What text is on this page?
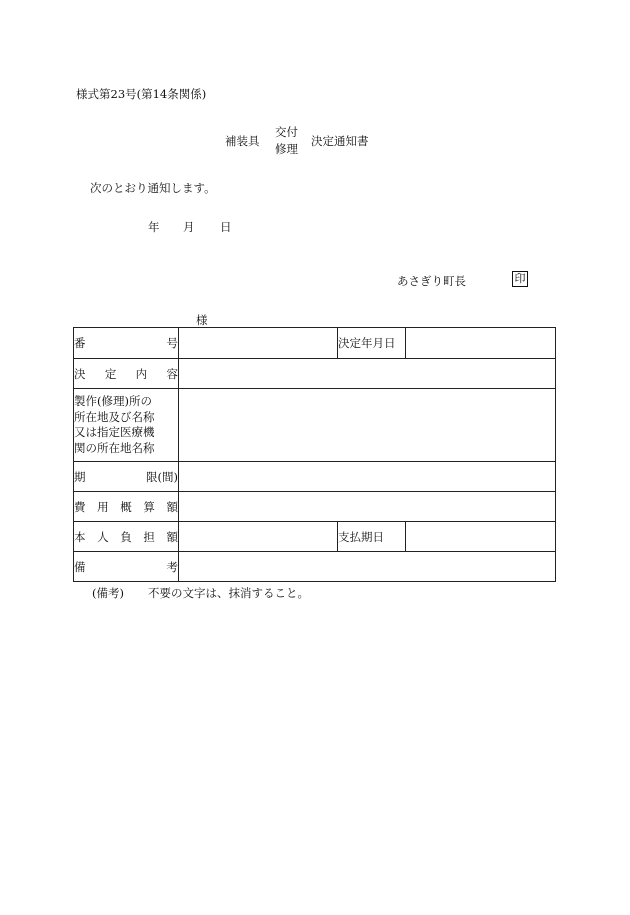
様式第23号(第14条関係)
補装具
交付
修理
決定通知書
次のとおり通知します。
年 月 日
あさぎり町長	印
様
番 号		決定年月日	

決 定 内 容			

製作(修理)所の
所在地及び名称
又は指定医療機
関の所在地名称			

期 限(間)			

費 用 概 算 額			

本 人 負 担 額		支払期日	

備 考			

(備考) 不要の文字は、抹消すること。
